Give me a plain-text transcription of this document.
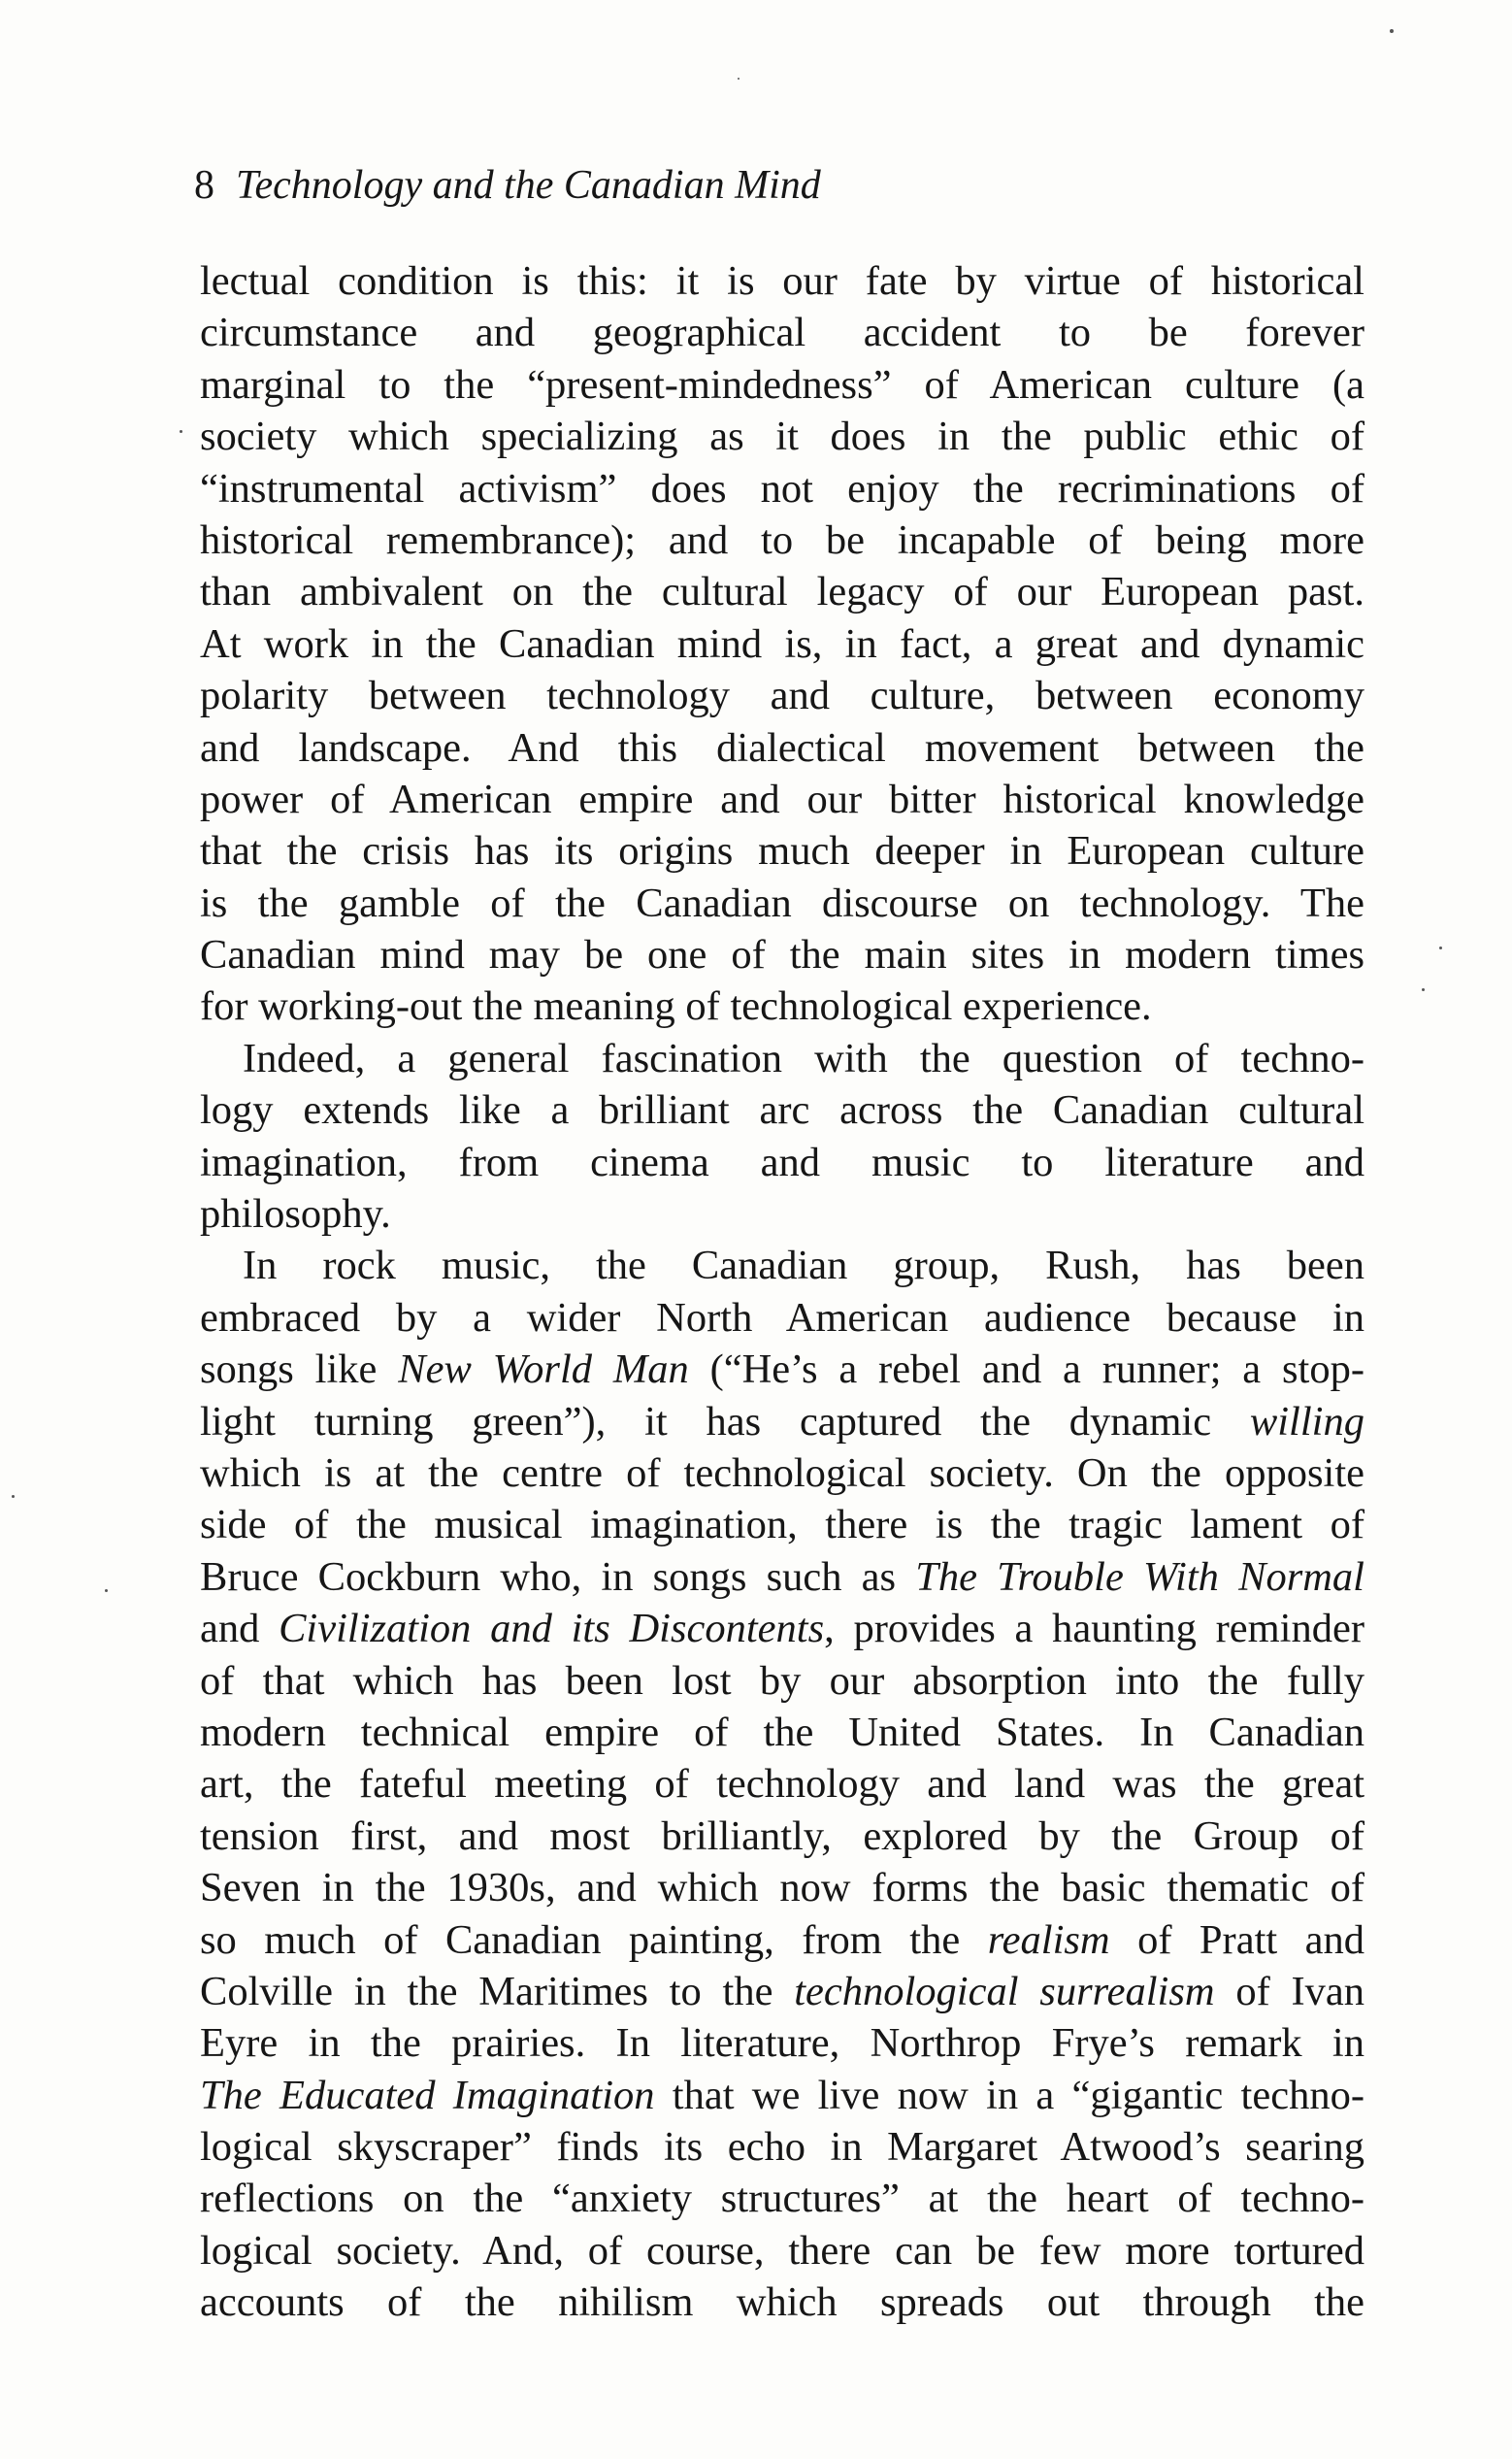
8 Technology and the Canadian Mind
lectual condition is this: it is our fate by virtue of historical
circumstance and geographical accident to be forever
marginal to the “present-mindedness” of American culture (a
society which specializing as it does in the public ethic of
“instrumental activism” does not enjoy the recriminations of
historical remembrance); and to be incapable of being more
than ambivalent on the cultural legacy of our European past.
At work in the Canadian mind is, in fact, a great and dynamic
polarity between technology and culture, between economy
and landscape. And this dialectical movement between the
power of American empire and our bitter historical knowledge
that the crisis has its origins much deeper in European culture
is the gamble of the Canadian discourse on technology. The
Canadian mind may be one of the main sites in modern times
for working-out the meaning of technological experience.
Indeed, a general fascination with the question of techno-
logy extends like a brilliant arc across the Canadian cultural
imagination, from cinema and music to literature and
philosophy.
In rock music, the Canadian group, Rush, has been
embraced by a wider North American audience because in
songs like New World Man (“He’s a rebel and a runner; a stop-
light turning green”), it has captured the dynamic willing
which is at the centre of technological society. On the opposite
side of the musical imagination, there is the tragic lament of
Bruce Cockburn who, in songs such as The Trouble With Normal
and Civilization and its Discontents, provides a haunting reminder
of that which has been lost by our absorption into the fully
modern technical empire of the United States. In Canadian
art, the fateful meeting of technology and land was the great
tension first, and most brilliantly, explored by the Group of
Seven in the 1930s, and which now forms the basic thematic of
so much of Canadian painting, from the realism of Pratt and
Colville in the Maritimes to the technological surrealism of Ivan
Eyre in the prairies. In literature, Northrop Frye’s remark in
The Educated Imagination that we live now in a “gigantic techno-
logical skyscraper” finds its echo in Margaret Atwood’s searing
reflections on the “anxiety structures” at the heart of techno-
logical society. And, of course, there can be few more tortured
accounts of the nihilism which spreads out through the
